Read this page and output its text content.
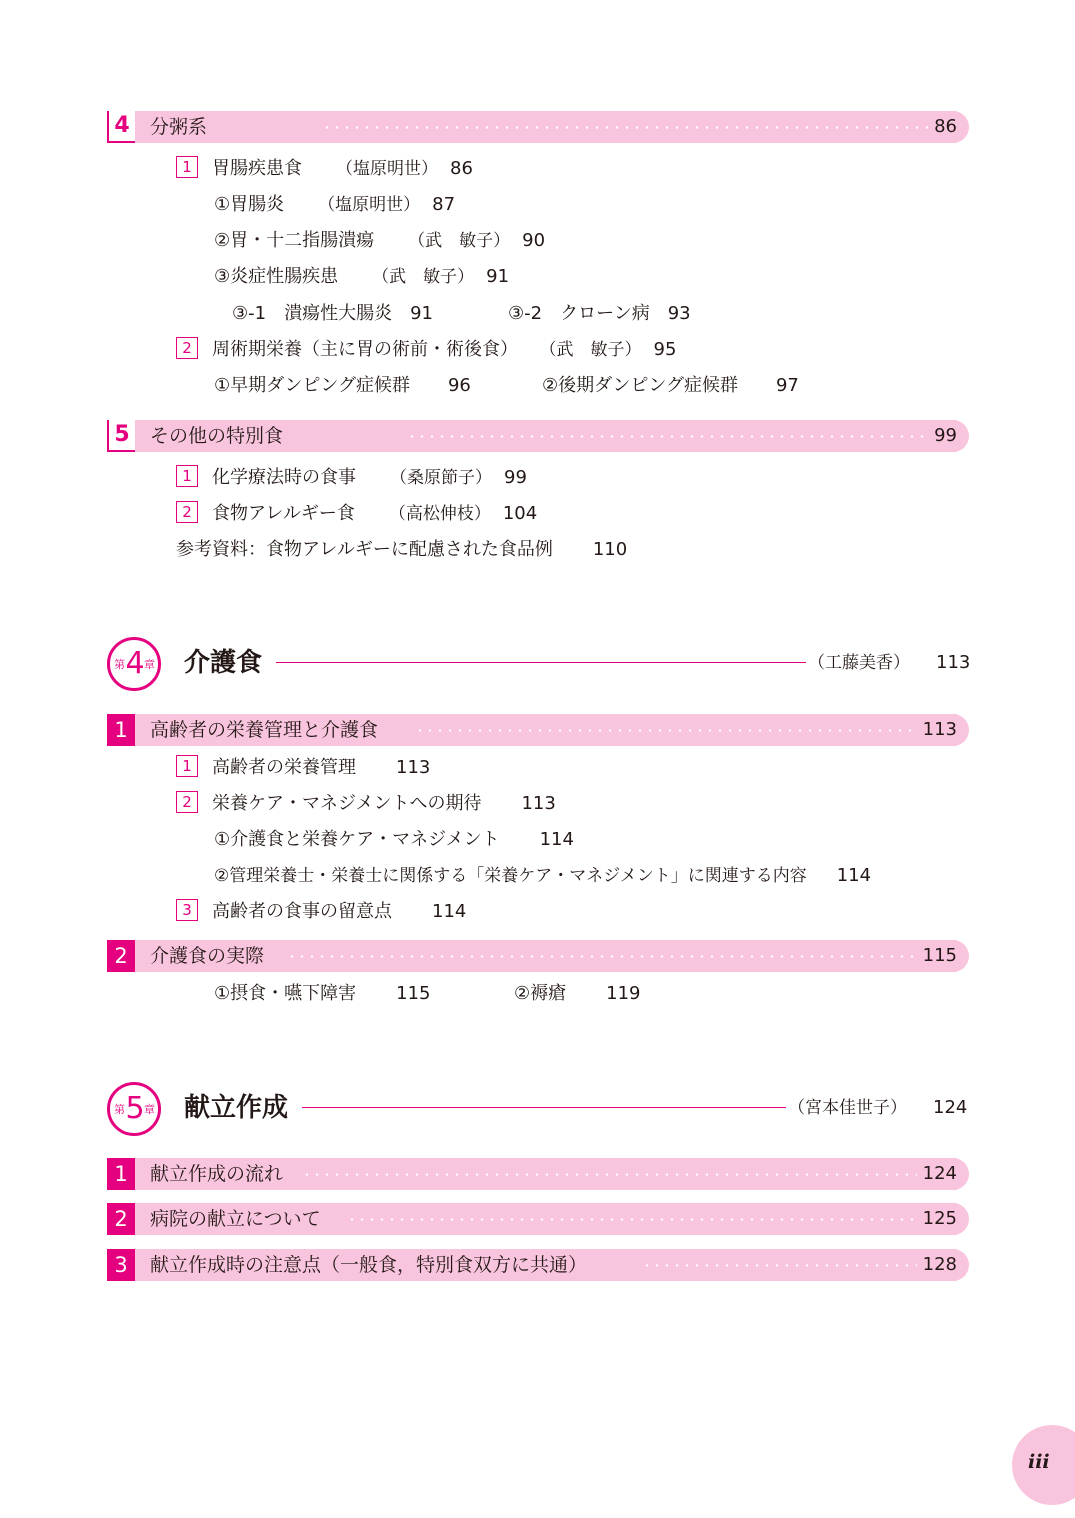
4 分粥系	86
1 胃腸疾患食 （塩原明世） 86
①胃腸炎 （塩原明世） 87
②胃・十二指腸潰瘍 （武　敏子） 90
③炎症性腸疾患 （武　敏子） 91
③-1　潰瘍性大腸炎 91	③-2　クローン病 93
2 周術期栄養（主に胃の術前・術後食） （武　敏子） 95
①早期ダンピング症候群 96	②後期ダンピング症候群 97
5 その他の特別食	99
1 化学療法時の食事 （桑原節子） 99
2 食物アレルギー食 （高松伸枝） 104
参考資料：食物アレルギーに配慮された食品例 110
第 4 章 介護食	（工藤美香） 113
1	高齢者の栄養管理と介護食	113
1 高齢者の栄養管理 113
2 栄養ケア・マネジメントへの期待 113
①介護食と栄養ケア・マネジメント 114
②管理栄養士・栄養士に関係する「栄養ケア・マネジメント」に関連する内容 114
3 高齢者の食事の留意点 114
2	介護食の実際	115
①摂食・嚥下障害 115	②褥瘡 119
第 5 章 献立作成	（宮本佳世子） 124
1	献立作成の流れ	124
2	病院の献立について	125
3	献立作成時の注意点（一般食，特別食双方に共通）	128
iii
